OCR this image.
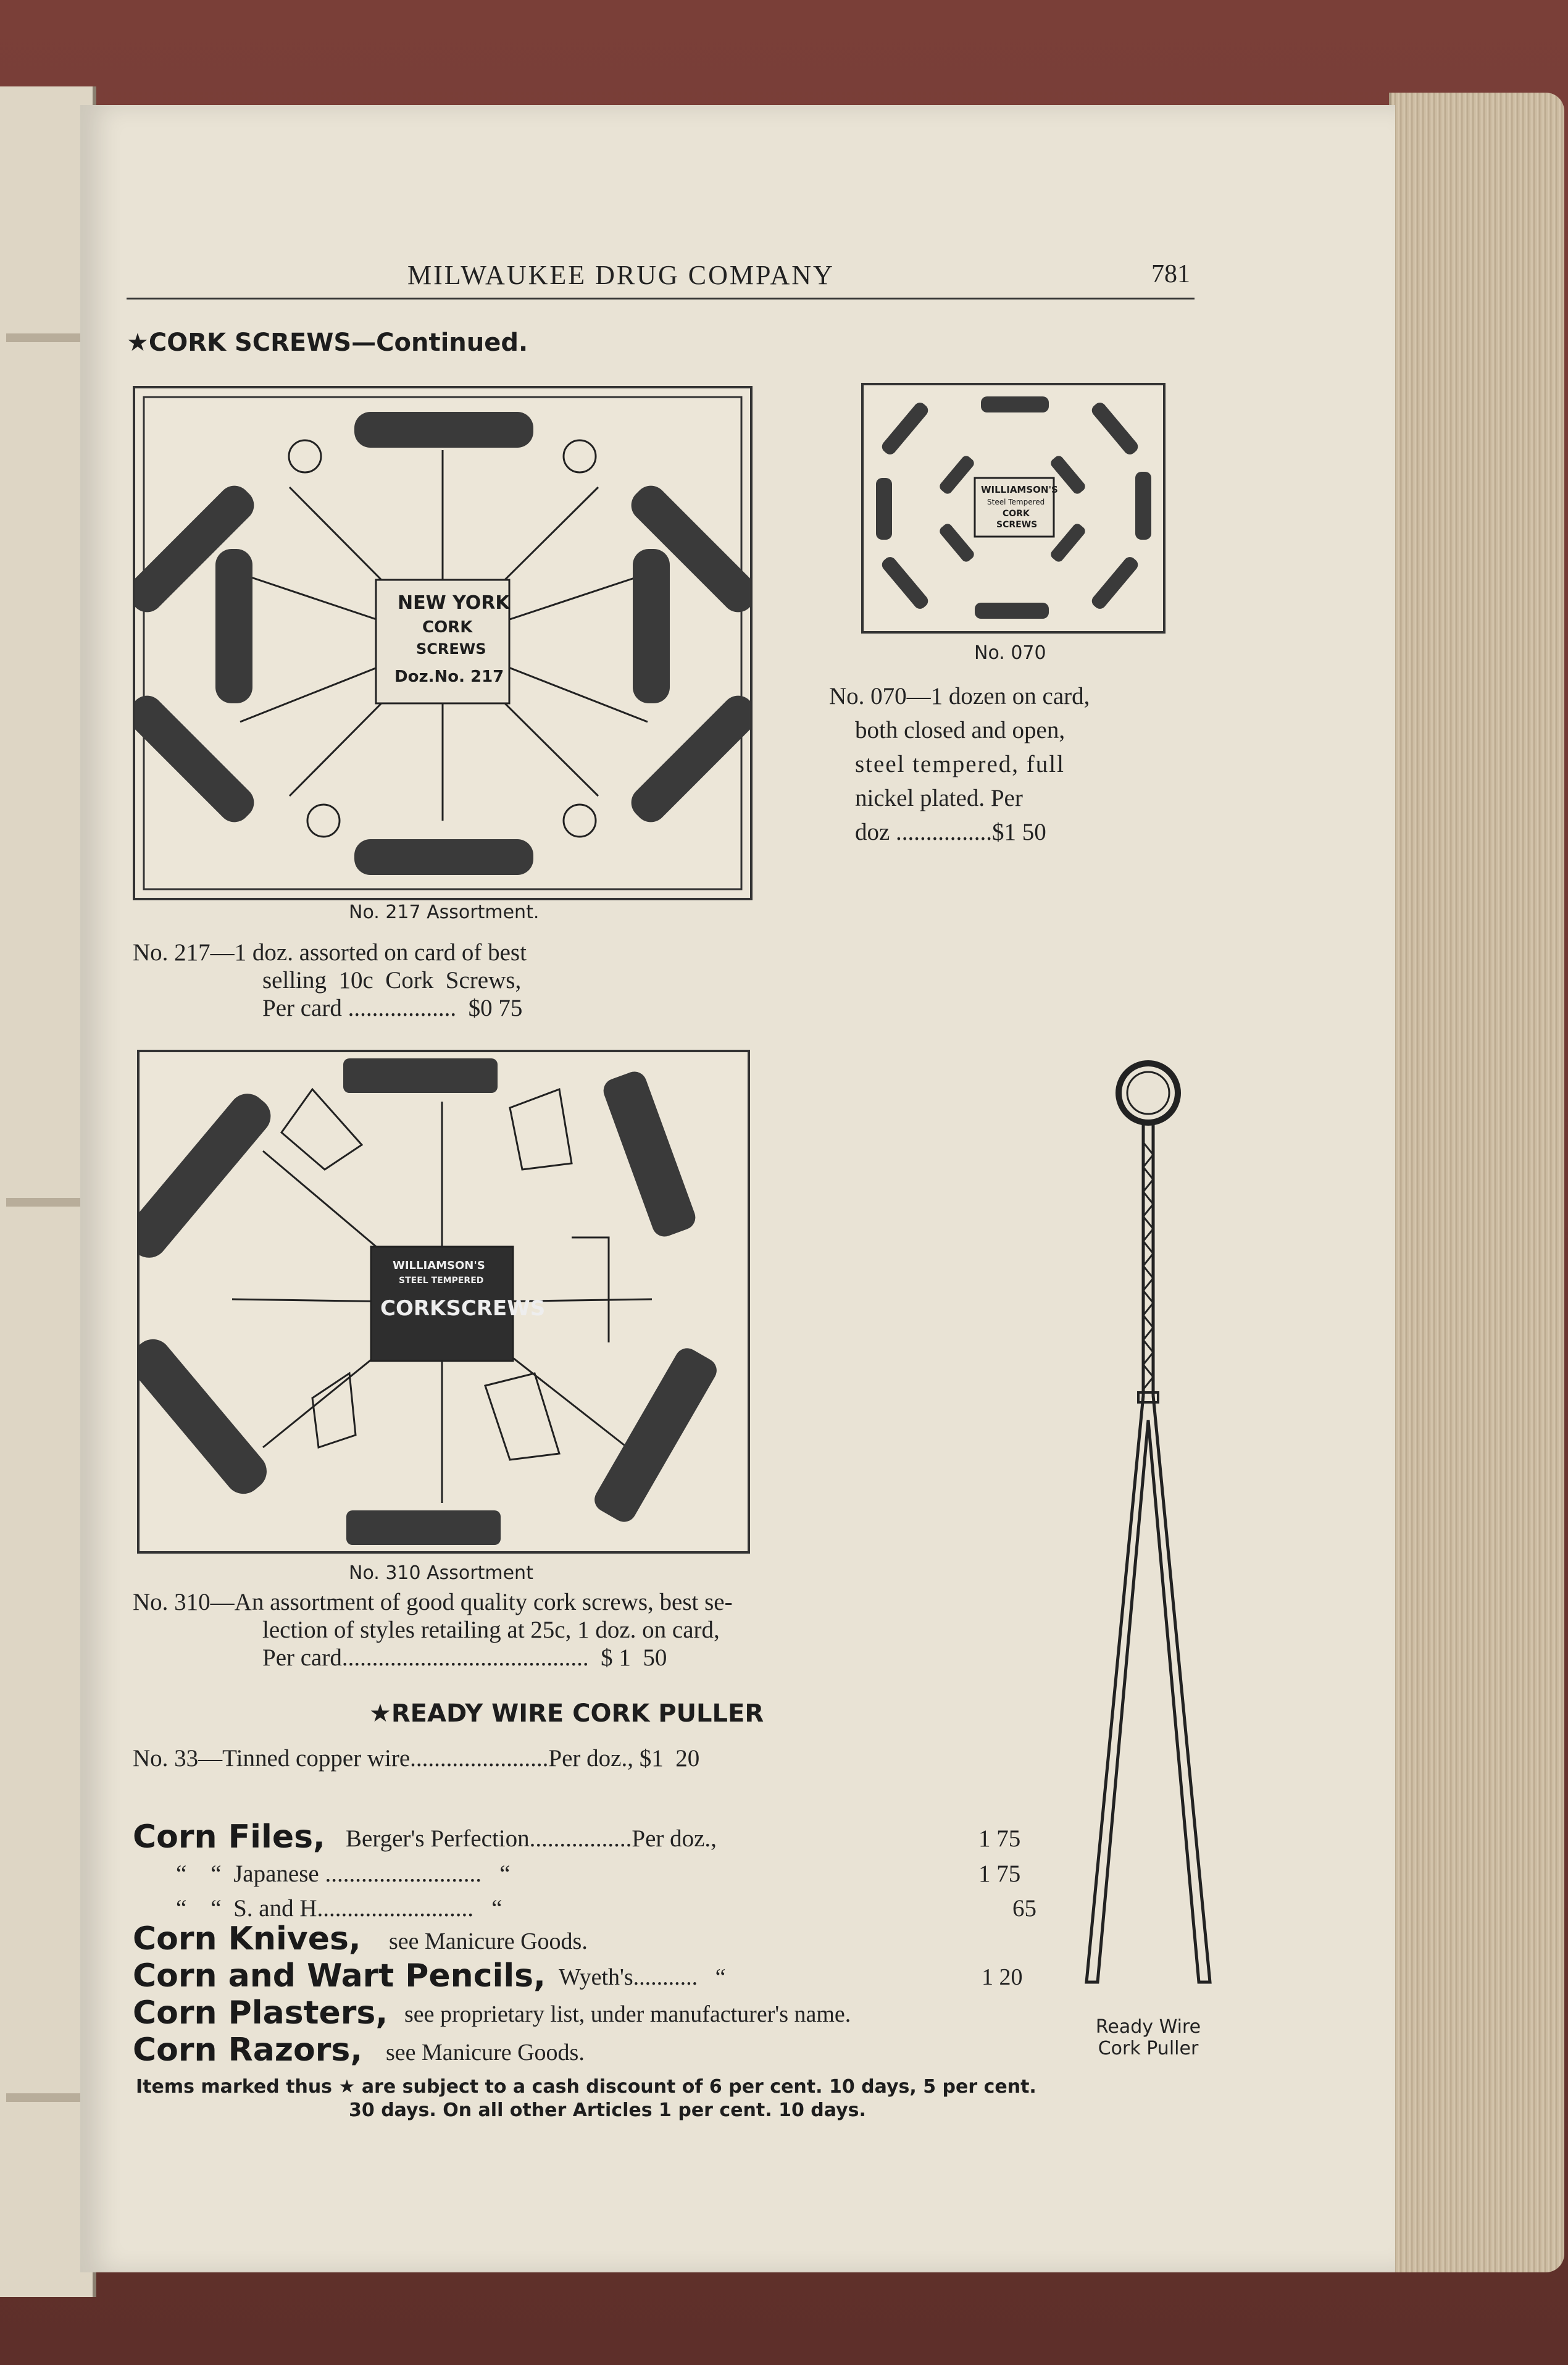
MILWAUKEE DRUG COMPANY	781
★CORK SCREWS—Continued.
NEW YORK
CORK
SCREWS
Doz.No. 217
No. 217 Assortment.
WILLIAMSON'S
Steel Tempered
CORK
SCREWS
No. 070
No. 070—1 dozen on card,
both closed and open,
steel tempered, full
nickel plated. Per
doz ................$1 50
No. 217—1 doz. assorted on card of best
selling  10c  Cork  Screws,
Per card ..................  $0 75
WILLIAMSON'S
STEEL TEMPERED
CORKSCREWS
No. 310 Assortment
No. 310—An assortment of good quality cork screws, best se-
lection of styles retailing at 25c, 1 doz. on card,
Per card.........................................  $ 1  50
★READY WIRE CORK PULLER
No. 33—Tinned copper wire.......................Per doz., $1  20
Ready Wire
Cork Puller
Corn Files, Berger's Perfection.................Per doz.,	1 75
“    “  Japanese ..........................   “	1 75
“    “  S. and H..........................   “	65
Corn Knives, see Manicure Goods.
Corn and Wart Pencils, Wyeth's...........   “	1 20
Corn Plasters, see proprietary list, under manufacturer's name.
Corn Razors, see Manicure Goods.
Items marked thus ★ are subject to a cash discount of 6 per cent. 10 days, 5 per cent.
30 days. On all other Articles 1 per cent. 10 days.
